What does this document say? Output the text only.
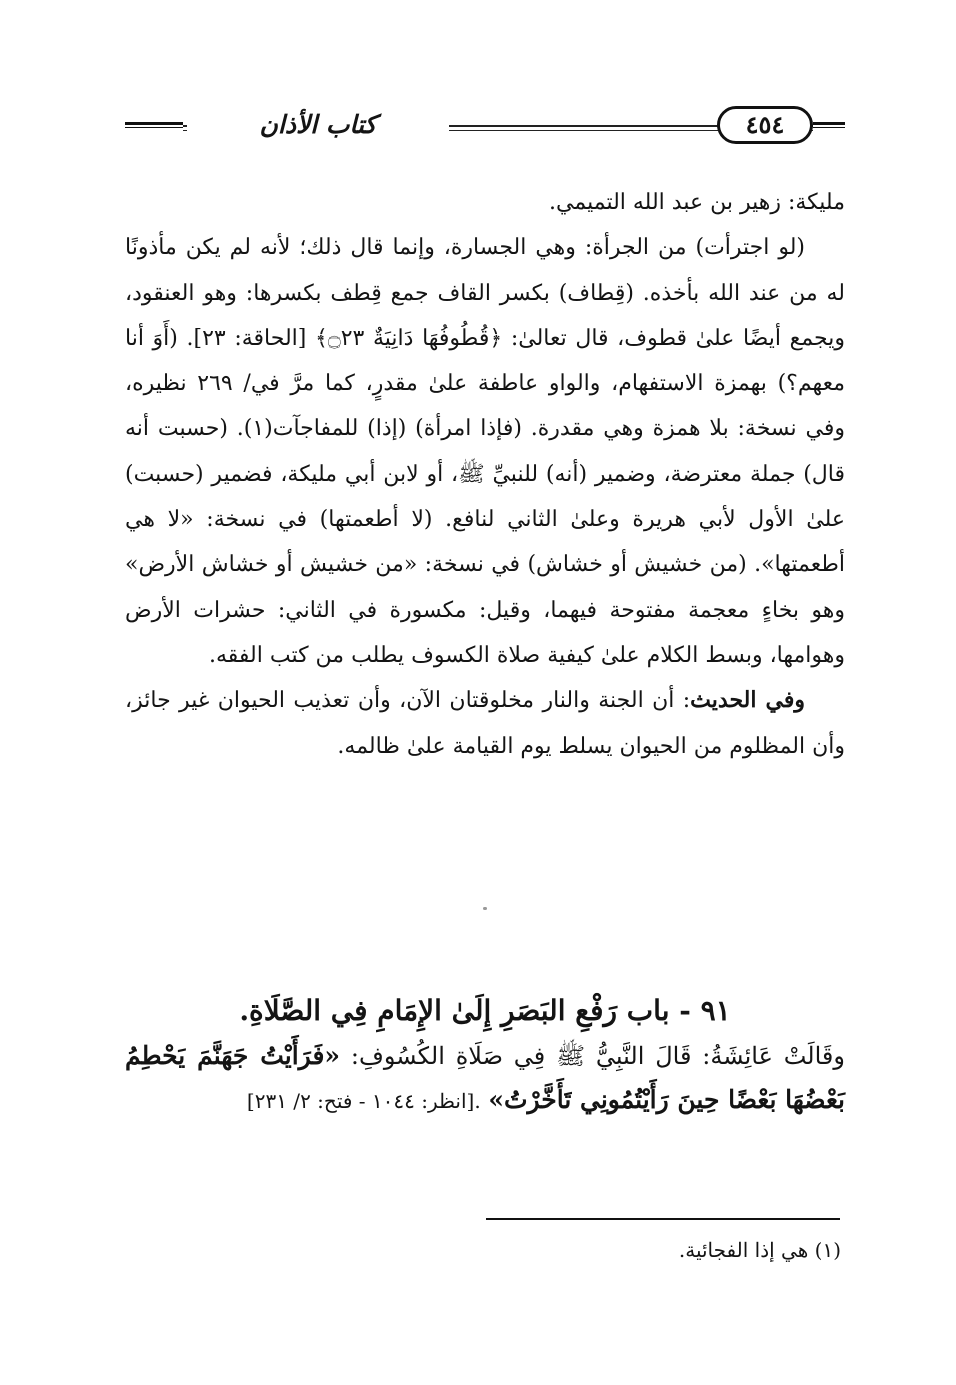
كتاب الأذان	٤٥٤

مليكة: زهير بن عبد الله التميمي.

(لو اجترأت) من الجرأة: وهي الجسارة، وإنما قال ذلك؛ لأنه لم يكن مأذونًا له من عند الله بأخذه. (قِطاف) بكسر القاف جمع قِطف بكسرها: وهو العنقود، ويجمع أيضًا علىٰ قطوف، قال تعالىٰ: ﴿قُطُوفُهَا دَانِيَةٌ ۝٢٣﴾ [الحاقة: ٢٣]. (أَوَ أنا معهم؟) بهمزة الاستفهام، والواو عاطفة علىٰ مقدرٍ، كما مرَّ في/ ٢٦٩ نظيره، وفي نسخة: بلا همزة وهي مقدرة. (فإذا امرأة) (إذا) للمفاجآت(١). (حسبت أنه قال) جملة معترضة، وضمير (أنه) للنبيِّ ﷺ، أو لابن أبي مليكة، فضمير (حسبت) علىٰ الأول لأبي هريرة وعلىٰ الثاني لنافع. (لا أطعمتها) في نسخة: «لا هي أطعمتها». (من خشيش أو خشاش) في نسخة: «من خشيش أو خشاش الأرض» وهو بخاءٍ معجمة مفتوحة فيهما، وقيل: مكسورة في الثاني: حشرات الأرض وهوامها، وبسط الكلام علىٰ كيفية صلاة الكسوف يطلب من كتب الفقه.

وفي الحديث: أن الجنة والنار مخلوقتان الآن، وأن تعذيب الحيوان غير جائز، وأن المظلوم من الحيوان يسلط يوم القيامة علىٰ ظالمه.

٩١ - باب رَفْعِ البَصَرِ إِلَىٰ الإِمَامِ فِي الصَّلَاةِ.

وقَالَتْ عَائِشَةُ: قَالَ النَّبِيُّ ﷺ فِي صَلَاةِ الكُسُوفِ: «فَرَأَيْتُ جَهَنَّمَ يَحْطِمُ بَعْضُهَا بَعْضًا حِينَ رَأَيْتُمُونِي تَأَخَّرْتُ» .[انظر: ١٠٤٤ - فتح: ٢/ ٢٣١]

(١) هي إذا الفجائية.
